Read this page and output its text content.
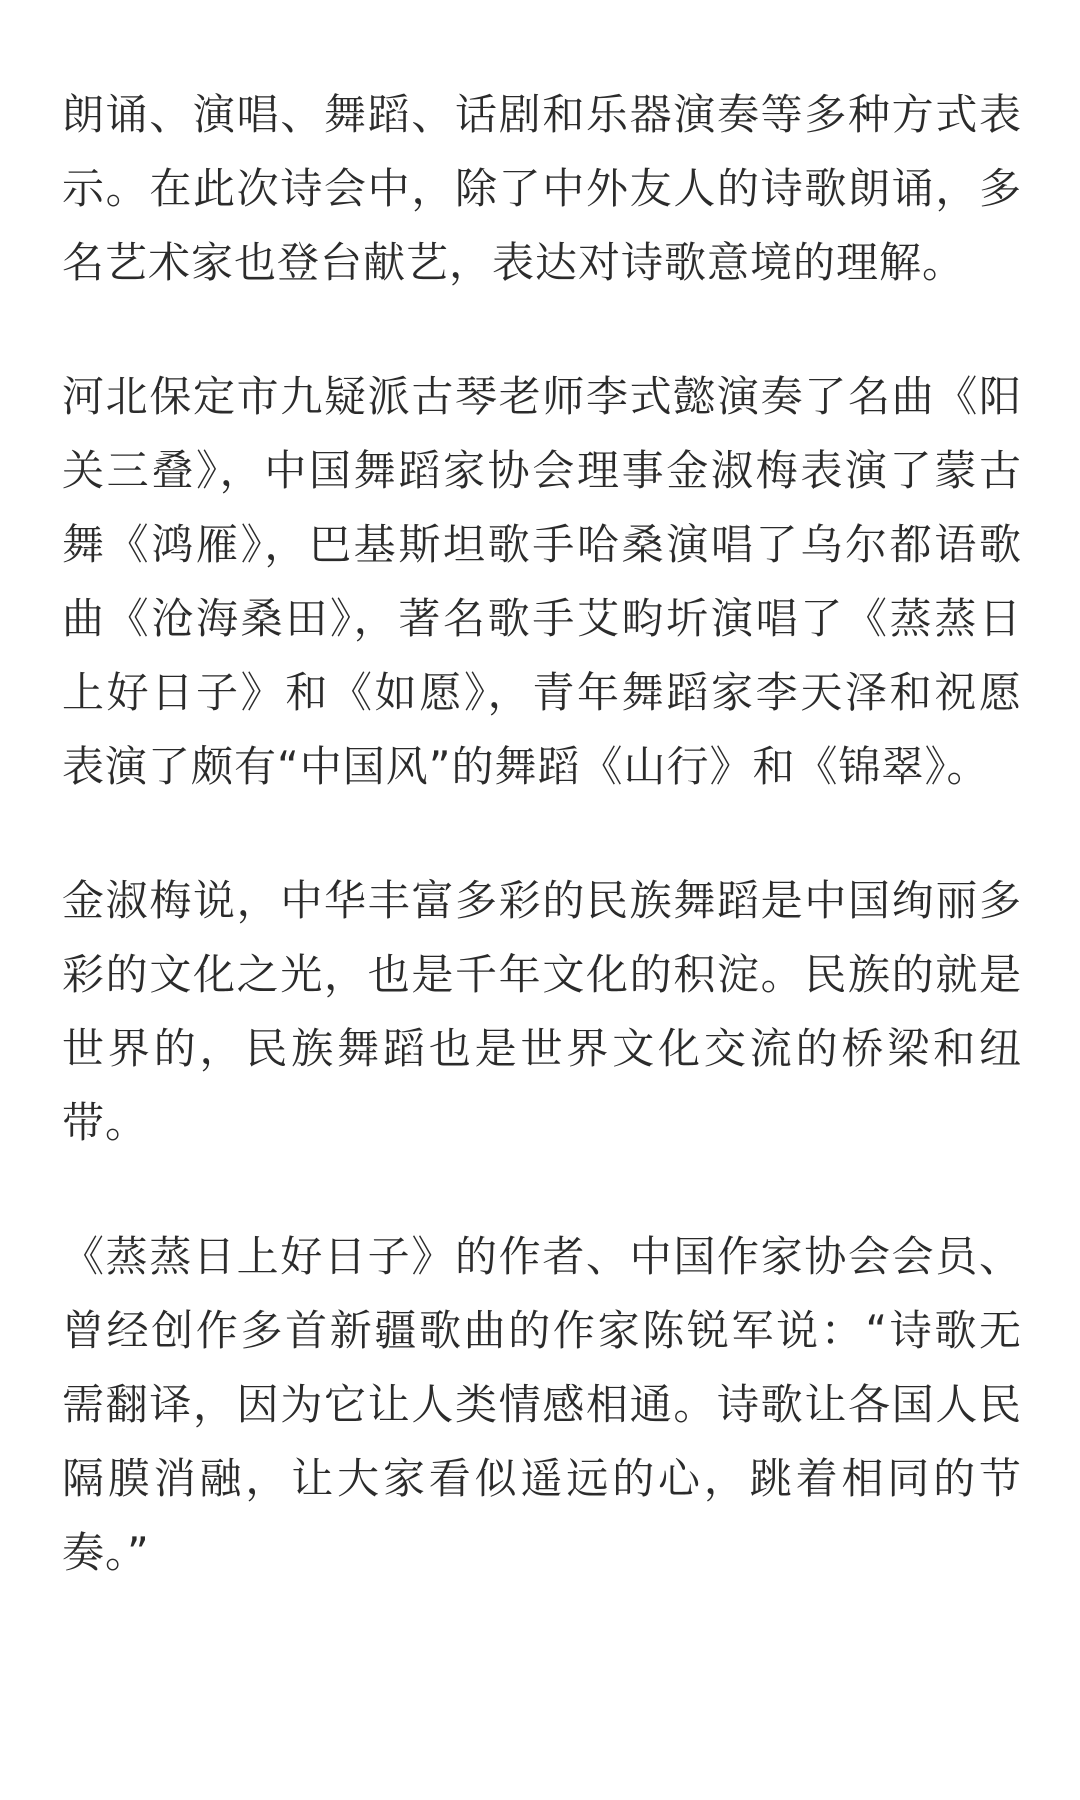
朗诵、演唱、舞蹈、话剧和乐器演奏等多种方式表示。在此次诗会中，除了中外友人的诗歌朗诵，多名艺术家也登台献艺，表达对诗歌意境的理解。

河北保定市九疑派古琴老师李式懿演奏了名曲《阳关三叠》，中国舞蹈家协会理事金淑梅表演了蒙古舞《鸿雁》，巴基斯坦歌手哈桑演唱了乌尔都语歌曲《沧海桑田》，著名歌手艾畇圻演唱了《蒸蒸日上好日子》和《如愿》，青年舞蹈家李天泽和祝愿表演了颇有“中国风”的舞蹈《山行》和《锦翠》。

金淑梅说，中华丰富多彩的民族舞蹈是中国绚丽多彩的文化之光，也是千年文化的积淀。民族的就是世界的，民族舞蹈也是世界文化交流的桥梁和纽带。

《蒸蒸日上好日子》的作者、中国作家协会会员、曾经创作多首新疆歌曲的作家陈锐军说：“诗歌无需翻译，因为它让人类情感相通。诗歌让各国人民隔膜消融，让大家看似遥远的心，跳着相同的节奏。”
